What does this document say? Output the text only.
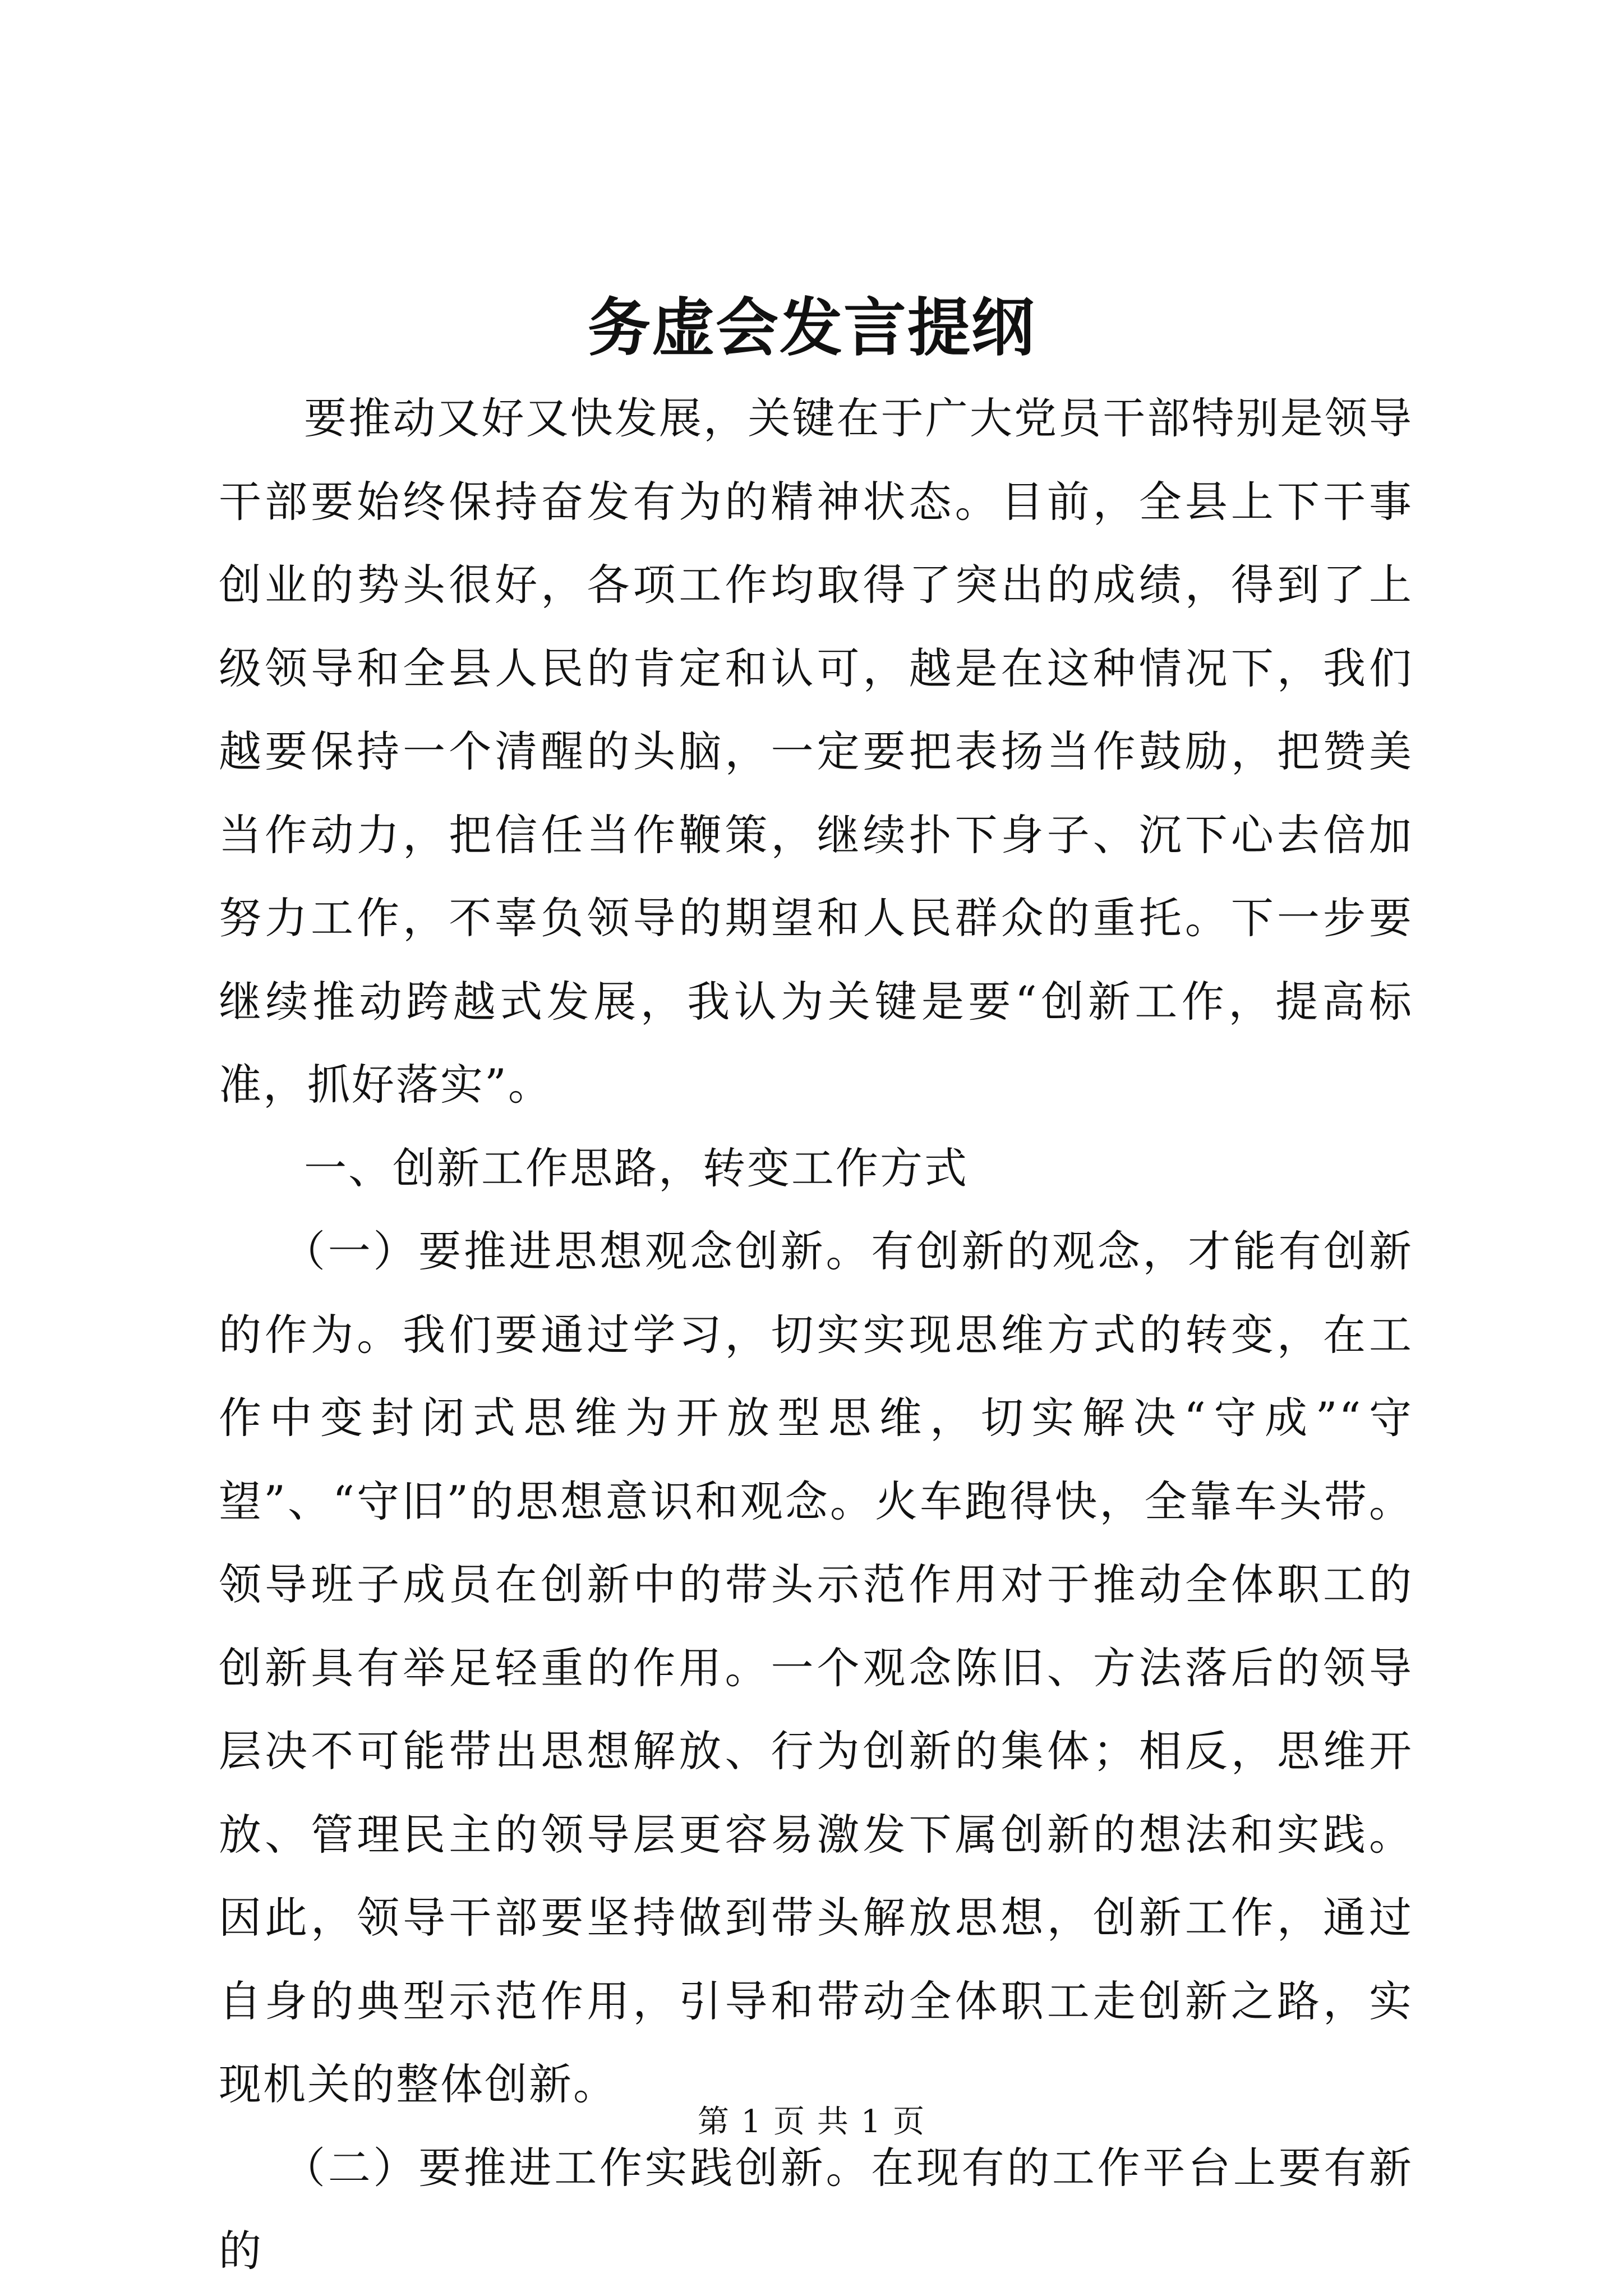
务虚会发言提纲

要推动又好又快发展，关键在于广大党员干部特别是领导干部要始终保持奋发有为的精神状态。目前，全县上下干事创业的势头很好，各项工作均取得了突出的成绩，得到了上级领导和全县人民的肯定和认可，越是在这种情况下，我们越要保持一个清醒的头脑，一定要把表扬当作鼓励，把赞美当作动力，把信任当作鞭策，继续扑下身子、沉下心去倍加努力工作，不辜负领导的期望和人民群众的重托。下一步要继续推动跨越式发展，我认为关键是要“创新工作，提高标准，抓好落实”。

一、创新工作思路，转变工作方式

（一）要推进思想观念创新。有创新的观念，才能有创新的作为。我们要通过学习，切实实现思维方式的转变，在工作中变封闭式思维为开放型思维，切实解决“守成”“守望”、“守旧”的思想意识和观念。火车跑得快，全靠车头带。领导班子成员在创新中的带头示范作用对于推动全体职工的创新具有举足轻重的作用。一个观念陈旧、方法落后的领导层决不可能带出思想解放、行为创新的集体；相反，思维开放、管理民主的领导层更容易激发下属创新的想法和实践。因此，领导干部要坚持做到带头解放思想，创新工作，通过自身的典型示范作用，引导和带动全体职工走创新之路，实现机关的整体创新。

（二）要推进工作实践创新。在现有的工作平台上要有新的

第 1 页 共 1 页
